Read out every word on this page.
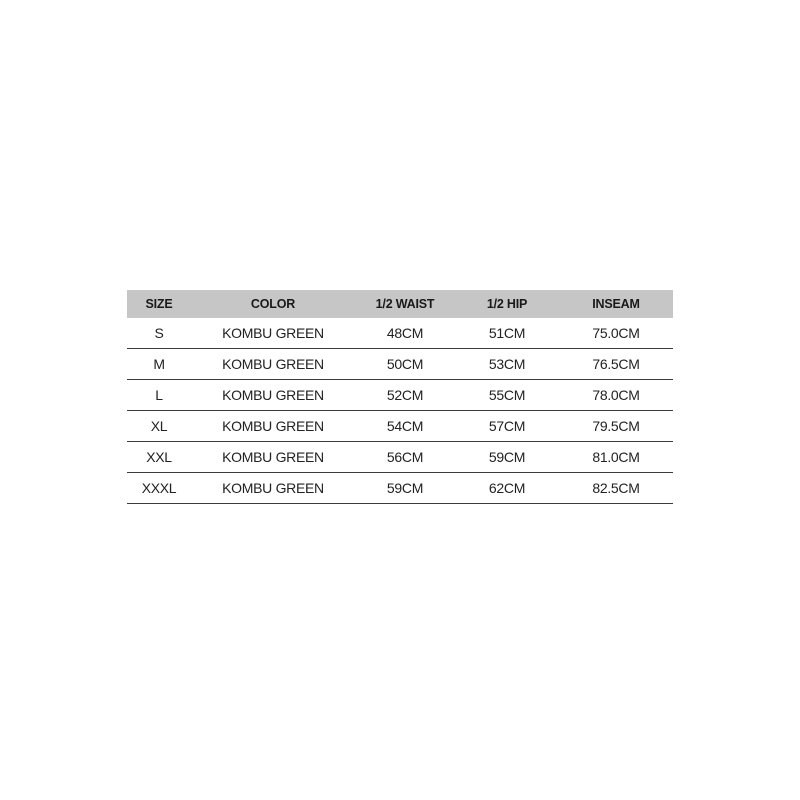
SIZE	COLOR	1/2 WAIST	1/2 HIP	INSEAM
S	KOMBU GREEN	48CM	51CM	75.0CM
M	KOMBU GREEN	50CM	53CM	76.5CM
L	KOMBU GREEN	52CM	55CM	78.0CM
XL	KOMBU GREEN	54CM	57CM	79.5CM
XXL	KOMBU GREEN	56CM	59CM	81.0CM
XXXL	KOMBU GREEN	59CM	62CM	82.5CM
